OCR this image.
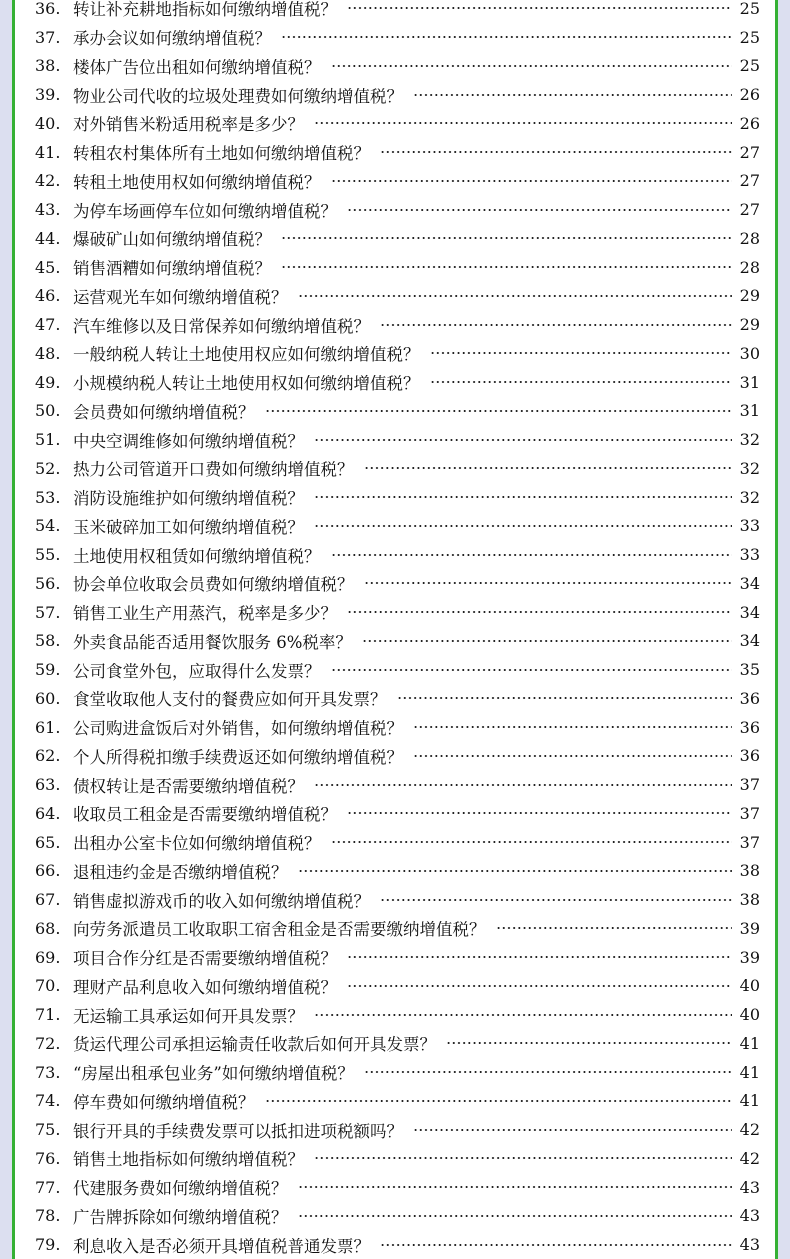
36. 转让补充耕地指标如何缴纳增值税？	25
37. 承办会议如何缴纳增值税？	25
38. 楼体广告位出租如何缴纳增值税？	25
39. 物业公司代收的垃圾处理费如何缴纳增值税？	26
40. 对外销售米粉适用税率是多少？	26
41. 转租农村集体所有土地如何缴纳增值税？	27
42. 转租土地使用权如何缴纳增值税？	27
43. 为停车场画停车位如何缴纳增值税？	27
44. 爆破矿山如何缴纳增值税？	28
45. 销售酒糟如何缴纳增值税？	28
46. 运营观光车如何缴纳增值税？	29
47. 汽车维修以及日常保养如何缴纳增值税？	29
48. 一般纳税人转让土地使用权应如何缴纳增值税？	30
49. 小规模纳税人转让土地使用权如何缴纳增值税？	31
50. 会员费如何缴纳增值税？	31
51. 中央空调维修如何缴纳增值税？	32
52. 热力公司管道开口费如何缴纳增值税？	32
53. 消防设施维护如何缴纳增值税？	32
54. 玉米破碎加工如何缴纳增值税？	33
55. 土地使用权租赁如何缴纳增值税？	33
56. 协会单位收取会员费如何缴纳增值税？	34
57. 销售工业生产用蒸汽，税率是多少？	34
58. 外卖食品能否适用餐饮服务 6%税率？	34
59. 公司食堂外包，应取得什么发票？	35
60. 食堂收取他人支付的餐费应如何开具发票？	36
61. 公司购进盒饭后对外销售，如何缴纳增值税？	36
62. 个人所得税扣缴手续费返还如何缴纳增值税？	36
63. 债权转让是否需要缴纳增值税？	37
64. 收取员工租金是否需要缴纳增值税？	37
65. 出租办公室卡位如何缴纳增值税？	37
66. 退租违约金是否缴纳增值税？	38
67. 销售虚拟游戏币的收入如何缴纳增值税？	38
68. 向劳务派遣员工收取职工宿舍租金是否需要缴纳增值税？	39
69. 项目合作分红是否需要缴纳增值税？	39
70. 理财产品利息收入如何缴纳增值税？	40
71. 无运输工具承运如何开具发票？	40
72. 货运代理公司承担运输责任收款后如何开具发票？	41
73. “房屋出租承包业务”如何缴纳增值税？	41
74. 停车费如何缴纳增值税？	41
75. 银行开具的手续费发票可以抵扣进项税额吗？	42
76. 销售土地指标如何缴纳增值税？	42
77. 代建服务费如何缴纳增值税？	43
78. 广告牌拆除如何缴纳增值税？	43
79. 利息收入是否必须开具增值税普通发票？	43
